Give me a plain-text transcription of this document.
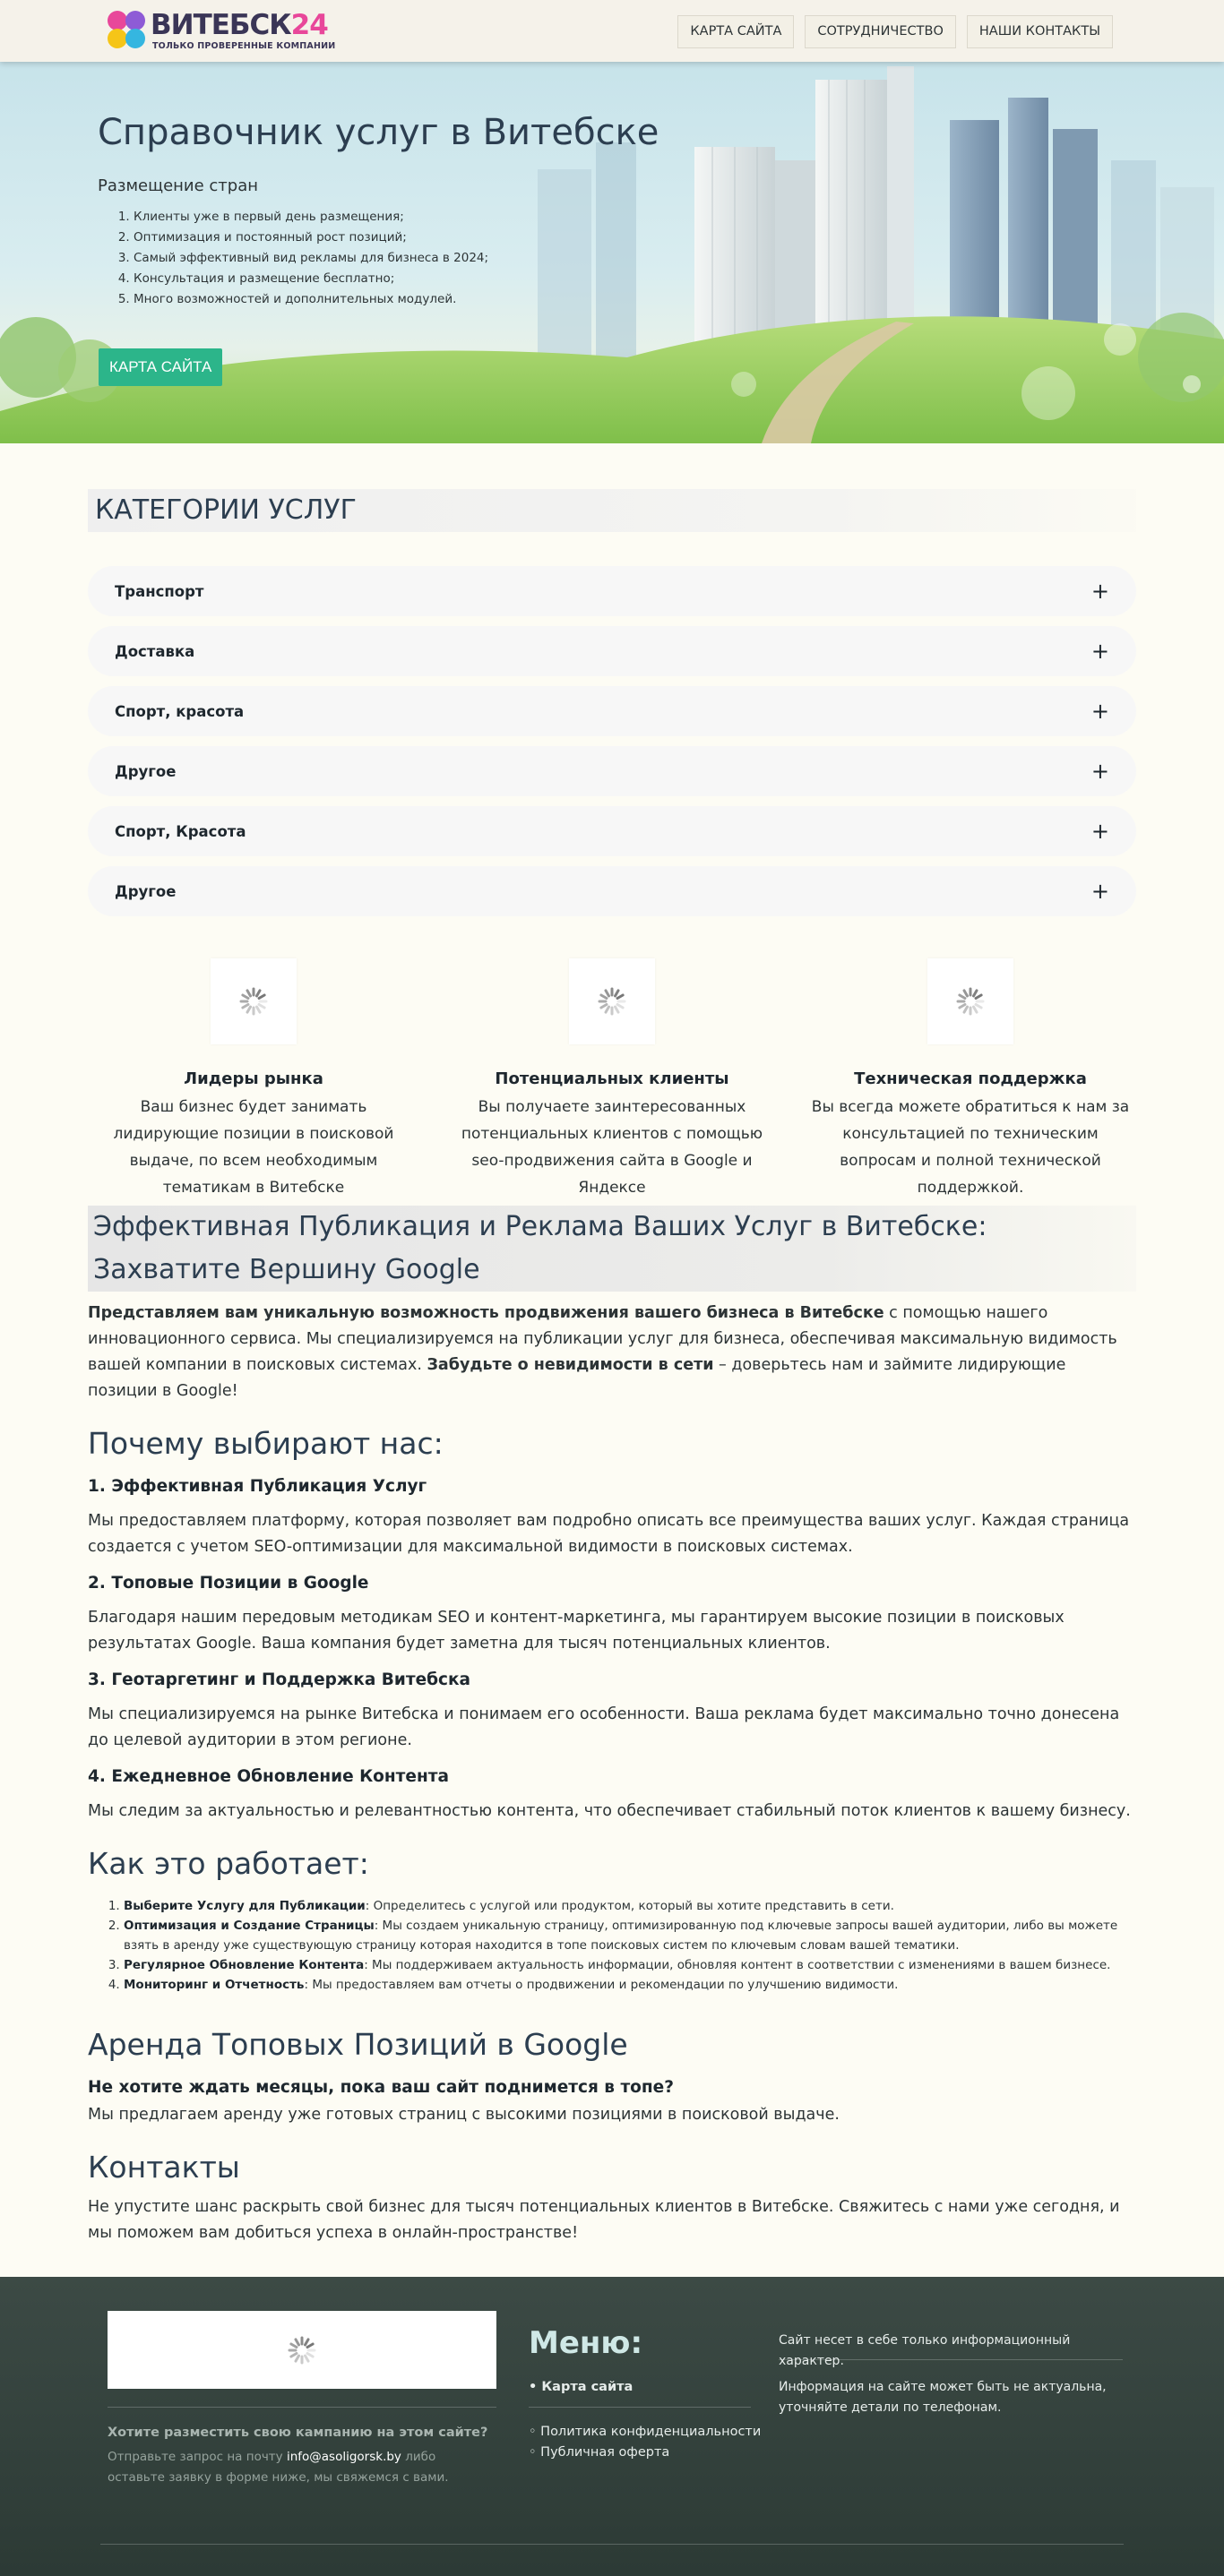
ВИТЕБСК24
ТОЛЬКО ПРОВЕРЕННЫЕ КОМПАНИИ
КАРТА САЙТА	СОТРУДНИЧЕСТВО	НАШИ КОНТАКТЫ
Справочник услуг в Витебске
Размещение стран
1. Клиенты уже в первый день размещения;
2. Оптимизация и постоянный рост позиций;
3. Самый эффективный вид рекламы для бизнеса в 2024;
4. Консультация и размещение бесплатно;
5. Много возможностей и дополнительных модулей.
КАРТА САЙТА
КАТЕГОРИИ УСЛУГ
Транспорт	+
Доставка	+
Спорт, красота	+
Другое	+
Спорт, Красота	+
Другое	+
Лидеры рынка
Ваш бизнес будет занимать лидирующие позиции в поисковой выдаче, по всем необходимым тематикам в Витебске
Потенциальных клиенты
Вы получаете заинтересованных потенциальных клиентов с помощью seo-продвижения сайта в Google и Яндексе
Техническая поддержка
Вы всегда можете обратиться к нам за консультацией по техническим вопросам и полной технической поддержкой.
Эффективная Публикация и Реклама Ваших Услуг в Витебске: Захватите Вершину Google

Представляем вам уникальную возможность продвижения вашего бизнеса в Витебске с помощью нашего инновационного сервиса. Мы специализируемся на публикации услуг для бизнеса, обеспечивая максимальную видимость вашей компании в поисковых системах. Забудьте о невидимости в сети – доверьтесь нам и займите лидирующие позиции в Google!

Почему выбирают нас:
1. Эффективная Публикация Услуг

Мы предоставляем платформу, которая позволяет вам подробно описать все преимущества ваших услуг. Каждая страница создается с учетом SEO-оптимизации для максимальной видимости в поисковых системах.

2. Топовые Позиции в Google

Благодаря нашим передовым методикам SEO и контент-маркетинга, мы гарантируем высокие позиции в поисковых результатах Google. Ваша компания будет заметна для тысяч потенциальных клиентов.

3. Геотаргетинг и Поддержка Витебска

Мы специализируемся на рынке Витебска и понимаем его особенности. Ваша реклама будет максимально точно донесена до целевой аудитории в этом регионе.

4. Ежедневное Обновление Контента

Мы следим за актуальностью и релевантностью контента, что обеспечивает стабильный поток клиентов к вашему бизнесу.

Как это работает:
1. Выберите Услугу для Публикации: Определитесь с услугой или продуктом, который вы хотите представить в сети.
2. Оптимизация и Создание Страницы: Мы создаем уникальную страницу, оптимизированную под ключевые запросы вашей аудитории, либо вы можете взять в аренду уже существующую страницу которая находится в топе поисковых систем по ключевым словам вашей тематики.
3. Регулярное Обновление Контента: Мы поддерживаем актуальность информации, обновляя контент в соответствии с изменениями в вашем бизнесе.
4. Мониторинг и Отчетность: Мы предоставляем вам отчеты о продвижении и рекомендации по улучшению видимости.
Аренда Топовых Позиций в Google
Не хотите ждать месяцы, пока ваш сайт поднимется в топе?

Мы предлагаем аренду уже готовых страниц с высокими позициями в поисковой выдаче.

Контакты

Не упустите шанс раскрыть свой бизнес для тысяч потенциальных клиентов в Витебске. Свяжитесь с нами уже сегодня, и мы поможем вам добиться успеха в онлайн-пространстве!

Хотите разместить свою кампанию на этом сайте?
Отправьте запрос на почту info@asoligorsk.by либо оставьте заявку в форме ниже, мы свяжемся с вами.
Меню:
• Карта сайта
◦ Политика конфиденциальности
◦ Публичная оферта
Сайт несет в себе только информационный характер.
Информация на сайте может быть не актуальна, уточняйте детали по телефонам.
